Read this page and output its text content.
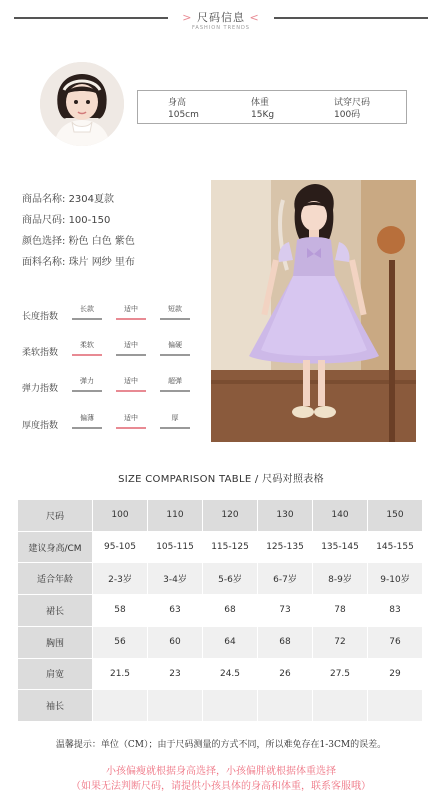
> 尺码信息 <
FASHION TRENDS
身高
105cm
体重
15Kg
试穿尺码
100码
商品名称: 2304夏款
商品尺码: 100-150
颜色选择: 粉色 白色 紫色
面料名称: 珠片 网纱 里布
长度指数
长款	适中	短款
柔软指数
柔软	适中	偏硬
弹力指数
弹力	适中	超弹
厚度指数
偏薄	适中	厚
SIZE COMPARISON TABLE / 尺码对照表格
尺码	100	110	120	130	140	150
建议身高/CM	95-105	105-115	115-125	125-135	135-145	145-155
适合年龄	2-3岁	3-4岁	5-6岁	6-7岁	8-9岁	9-10岁
裙长	58	63	68	73	78	83
胸围	56	60	64	68	72	76
肩宽	21.5	23	24.5	26	27.5	29
袖长						
温馨提示：单位（CM）；由于尺码测量的方式不同，所以难免存在1-3CM的误差。
小孩偏瘦就根据身高选择，小孩偏胖就根据体重选择
（如果无法判断尺码，请提供小孩具体的身高和体重，联系客服哦）
